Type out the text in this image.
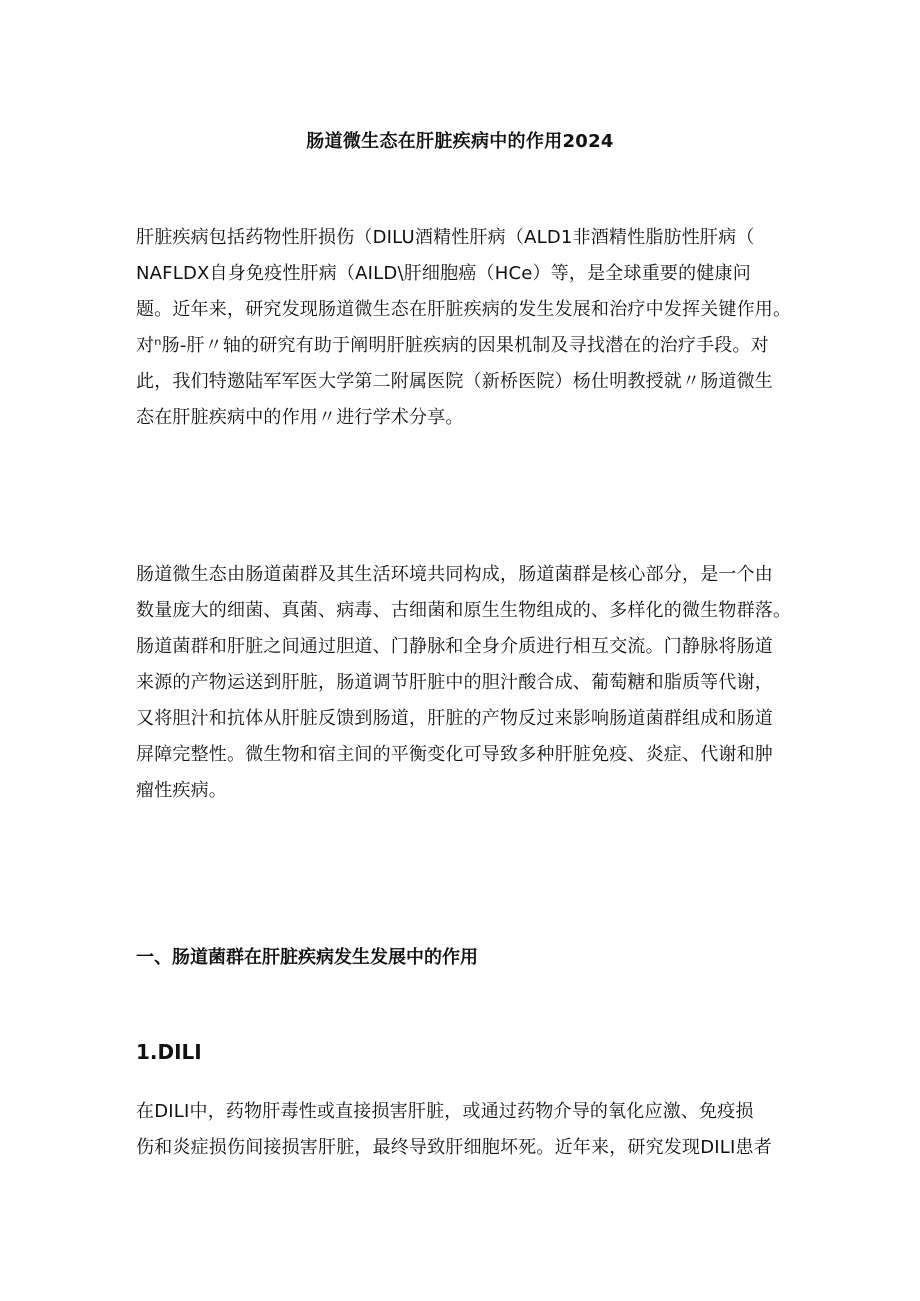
肠道微生态在肝脏疾病中的作用2024
肝脏疾病包括药物性肝损伤（DILU酒精性肝病（ALD1非酒精性脂肪性肝病（
NAFLDX自身免疫性肝病（AILD\肝细胞癌（HCe）等，是全球重要的健康问
题。近年来，研究发现肠道微生态在肝脏疾病的发生发展和治疗中发挥关键作用。
对ⁿ肠-肝〃轴的研究有助于阐明肝脏疾病的因果机制及寻找潜在的治疗手段。对
此，我们特邀陆军军医大学第二附属医院（新桥医院）杨仕明教授就〃肠道微生
态在肝脏疾病中的作用〃进行学术分享。
肠道微生态由肠道菌群及其生活环境共同构成，肠道菌群是核心部分，是一个由
数量庞大的细菌、真菌、病毒、古细菌和原生生物组成的、多样化的微生物群落。
肠道菌群和肝脏之间通过胆道、门静脉和全身介质进行相互交流。门静脉将肠道
来源的产物运送到肝脏，肠道调节肝脏中的胆汁酸合成、葡萄糖和脂质等代谢，
又将胆汁和抗体从肝脏反馈到肠道，肝脏的产物反过来影响肠道菌群组成和肠道
屏障完整性。微生物和宿主间的平衡变化可导致多种肝脏免疫、炎症、代谢和肿
瘤性疾病。
一、肠道菌群在肝脏疾病发生发展中的作用
1.DILI
在DILI中，药物肝毒性或直接损害肝脏，或通过药物介导的氧化应激、免疫损
伤和炎症损伤间接损害肝脏，最终导致肝细胞坏死。近年来，研究发现DILI患者
